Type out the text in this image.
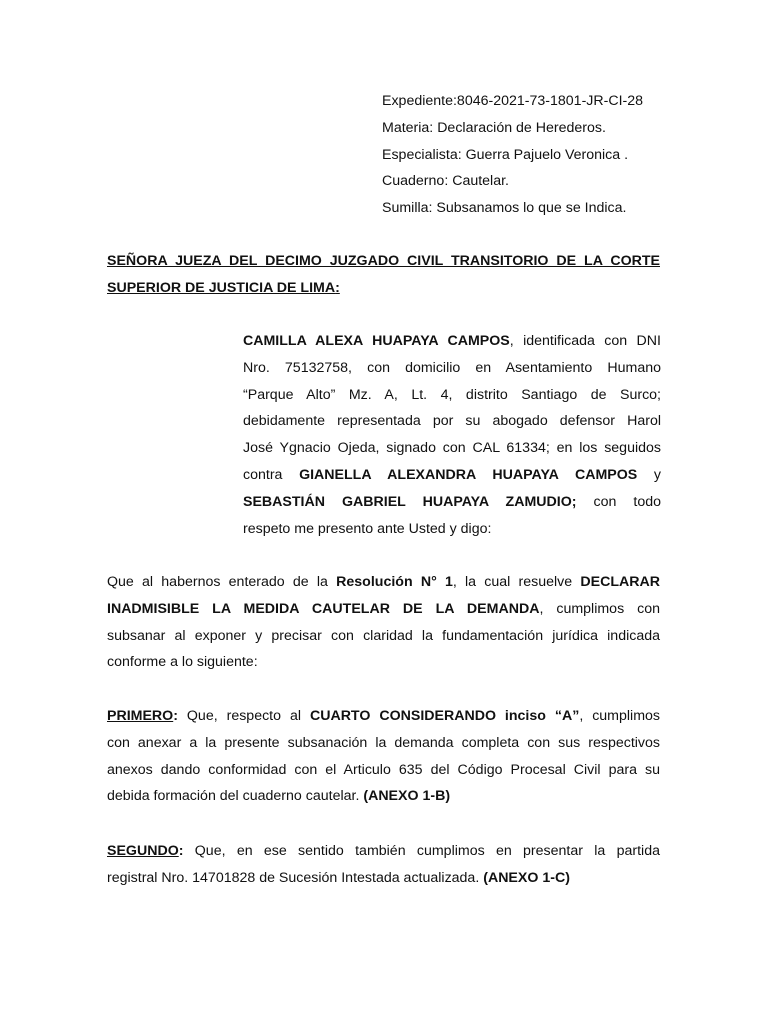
Expediente:8046-2021-73-1801-JR-CI-28
Materia: Declaración de Herederos.
Especialista: Guerra Pajuelo Veronica .
Cuaderno: Cautelar.
Sumilla: Subsanamos lo que se Indica.
SEÑORA JUEZA DEL DECIMO JUZGADO CIVIL TRANSITORIO DE LA CORTE
SUPERIOR DE JUSTICIA DE LIMA:
CAMILLA ALEXA HUAPAYA CAMPOS, identificada con DNI
Nro. 75132758, con domicilio en Asentamiento Humano
“Parque Alto” Mz. A, Lt. 4, distrito Santiago de Surco;
debidamente representada por su abogado defensor Harol
José Ygnacio Ojeda, signado con CAL 61334; en los seguidos
contra GIANELLA ALEXANDRA HUAPAYA CAMPOS y
SEBASTIÁN GABRIEL HUAPAYA ZAMUDIO; con todo
respeto me presento ante Usted y digo:
Que al habernos enterado de la Resolución N° 1, la cual resuelve DECLARAR
INADMISIBLE LA MEDIDA CAUTELAR DE LA DEMANDA, cumplimos con
subsanar al exponer y precisar con claridad la fundamentación jurídica indicada
conforme a lo siguiente:
PRIMERO: Que, respecto al CUARTO CONSIDERANDO inciso “A”, cumplimos
con anexar a la presente subsanación la demanda completa con sus respectivos
anexos dando conformidad con el Articulo 635 del Código Procesal Civil para su
debida formación del cuaderno cautelar. (ANEXO 1-B)
SEGUNDO: Que, en ese sentido también cumplimos en presentar la partida
registral Nro. 14701828 de Sucesión Intestada actualizada. (ANEXO 1-C)
